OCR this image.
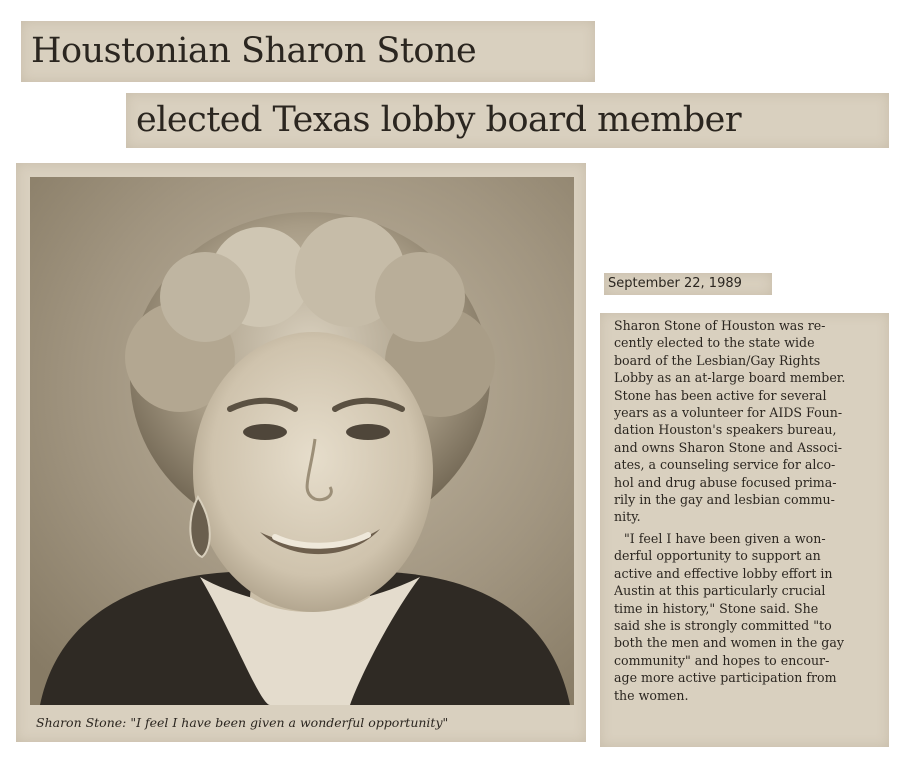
Houstonian Sharon Stone
elected Texas lobby board member
Sharon Stone: "I feel I have been given a wonderful opportunity"
September 22, 1989

Sharon Stone of Houston was re-
cently elected to the state wide
board of the Lesbian/Gay Rights
Lobby as an at-large board member.
Stone has been active for several
years as a volunteer for AIDS Foun-
dation Houston's speakers bureau,
and owns Sharon Stone and Associ-
ates, a counseling service for alco-
hol and drug abuse focused prima-
rily in the gay and lesbian commu-
nity.

"I feel I have been given a won-
derful opportunity to support an
active and effective lobby effort in
Austin at this particularly crucial
time in history," Stone said. She
said she is strongly committed "to
both the men and women in the gay
community" and hopes to encour-
age more active participation from
the women.
